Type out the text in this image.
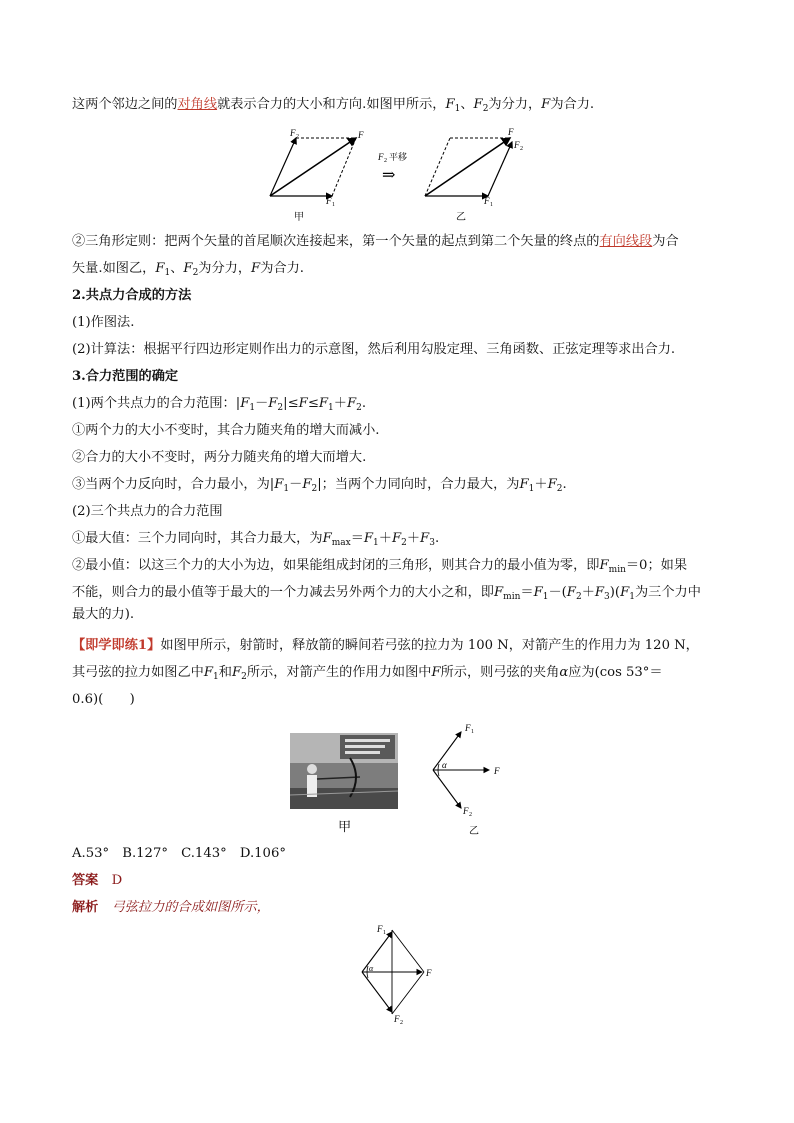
这两个邻边之间的对角线就表示合力的大小和方向.如图甲所示，$F_1$、$F_2$为分力，F为合力.
F 2	F
F 1
甲
F 2 平移
⇒
F
F 2
F 1
乙
②三角形定则：把两个矢量的首尾顺次连接起来，第一个矢量的起点到第二个矢量的终点的有向线段为合
矢量.如图乙，$F_1$、$F_2$为分力，F为合力.
2.共点力合成的方法
(1)作图法.
(2)计算法：根据平行四边形定则作出力的示意图，然后利用勾股定理、三角函数、正弦定理等求出合力.
3.合力范围的确定
(1)两个共点力的合力范围：$|F_1-F_2|\le F\le F_1+F_2$.
①两个力的大小不变时，其合力随夹角的增大而减小.
②合力的大小不变时，两分力随夹角的增大而增大.
③当两个力反向时，合力最小，为$|F_1-F_2|$；当两个力同向时，合力最大，为$F_1+F_2$.
(2)三个共点力的合力范围
①最大值：三个力同向时，其合力最大，为$F_{max}=F_1+F_2+F_3$.
②最小值：以这三个力的大小为边，如果能组成封闭的三角形，则其合力的最小值为零，即$F_{min}=0$；如果
不能，则合力的最小值等于最大的一个力减去另外两个力的大小之和，即$F_{min}=F_1-(F_2+F_3)(F_1$为三个力中
最大的力).
【即学即练1】如图甲所示，射箭时，释放箭的瞬间若弓弦的拉力为 100 N，对箭产生的作用力为 120 N，
其弓弦的拉力如图乙中$F_1$和$F_2$所示，对箭产生的作用力如图中F所示，则弓弦的夹角α应为(cos 53°＝
0.6)(　　)
甲
α
F 1
F
F 2
乙
A.53°　B.127°　C.143°　D.106°
答案　 D
解析　 弓弦拉力的合成如图所示，
α
F 1
F
F 2
